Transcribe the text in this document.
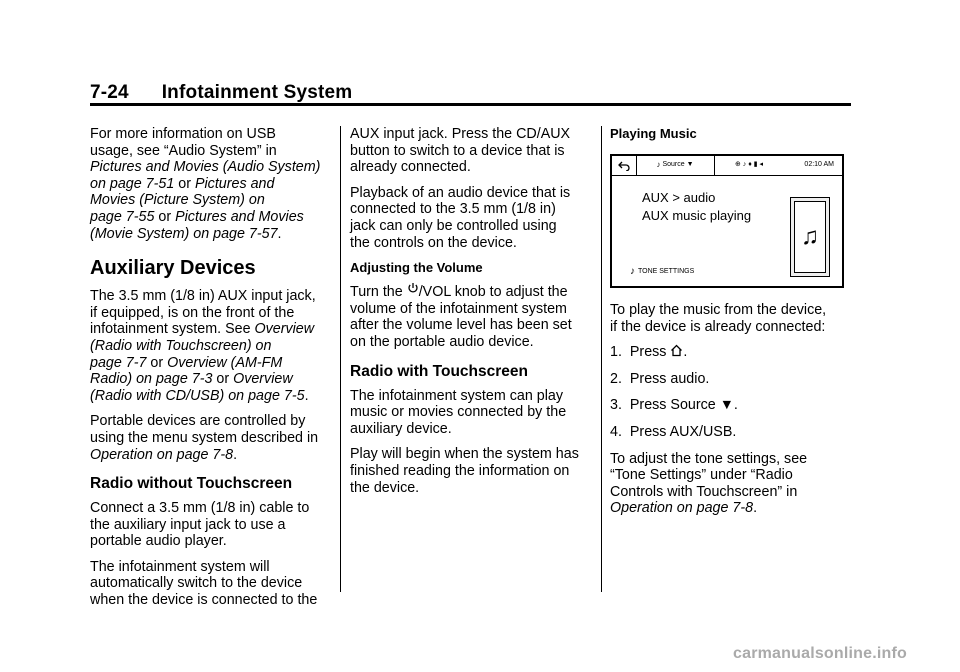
7-24      Infotainment System

For more information on USB
usage, see “Audio System” in
Pictures and Movies (Audio System)
on page 7-51 or Pictures and
Movies (Picture System) on
page 7-55 or Pictures and Movies
(Movie System) on page 7-57.

Auxiliary Devices

The 3.5 mm (1/8 in) AUX input jack,
if equipped, is on the front of the
infotainment system. See Overview
(Radio with Touchscreen) on
page 7-7 or Overview (AM-FM
Radio) on page 7-3 or Overview
(Radio with CD/USB) on page 7-5.

Portable devices are controlled by
using the menu system described in
Operation on page 7-8.

Radio without Touchscreen

Connect a 3.5 mm (1/8 in) cable to
the auxiliary input jack to use a
portable audio player.

The infotainment system will
automatically switch to the device
when the device is connected to the

AUX input jack. Press the CD/AUX
button to switch to a device that is
already connected.

Playback of an audio device that is
connected to the 3.5 mm (1/8 in)
jack can only be controlled using
the controls on the device.

Adjusting the Volume

Turn the /VOL knob to adjust the
volume of the infotainment system
after the volume level has been set
on the portable audio device.

Radio with Touchscreen

The infotainment system can play
music or movies connected by the
auxiliary device.

Play will begin when the system has
finished reading the information on
the device.

Playing Music
♪ Source ▼	⊕ ♪ ♦ ▮ ◂	02:10 AM
AUX > audio
AUX music playing
♫
♪ TONE SETTINGS

To play the music from the device,
if the device is already connected:

1. Press .

2. Press audio.

3. Press Source ▼.

4. Press AUX/USB.

To adjust the tone settings, see
“Tone Settings” under “Radio
Controls with Touchscreen” in
Operation on page 7-8.

carmanualsonline.info
